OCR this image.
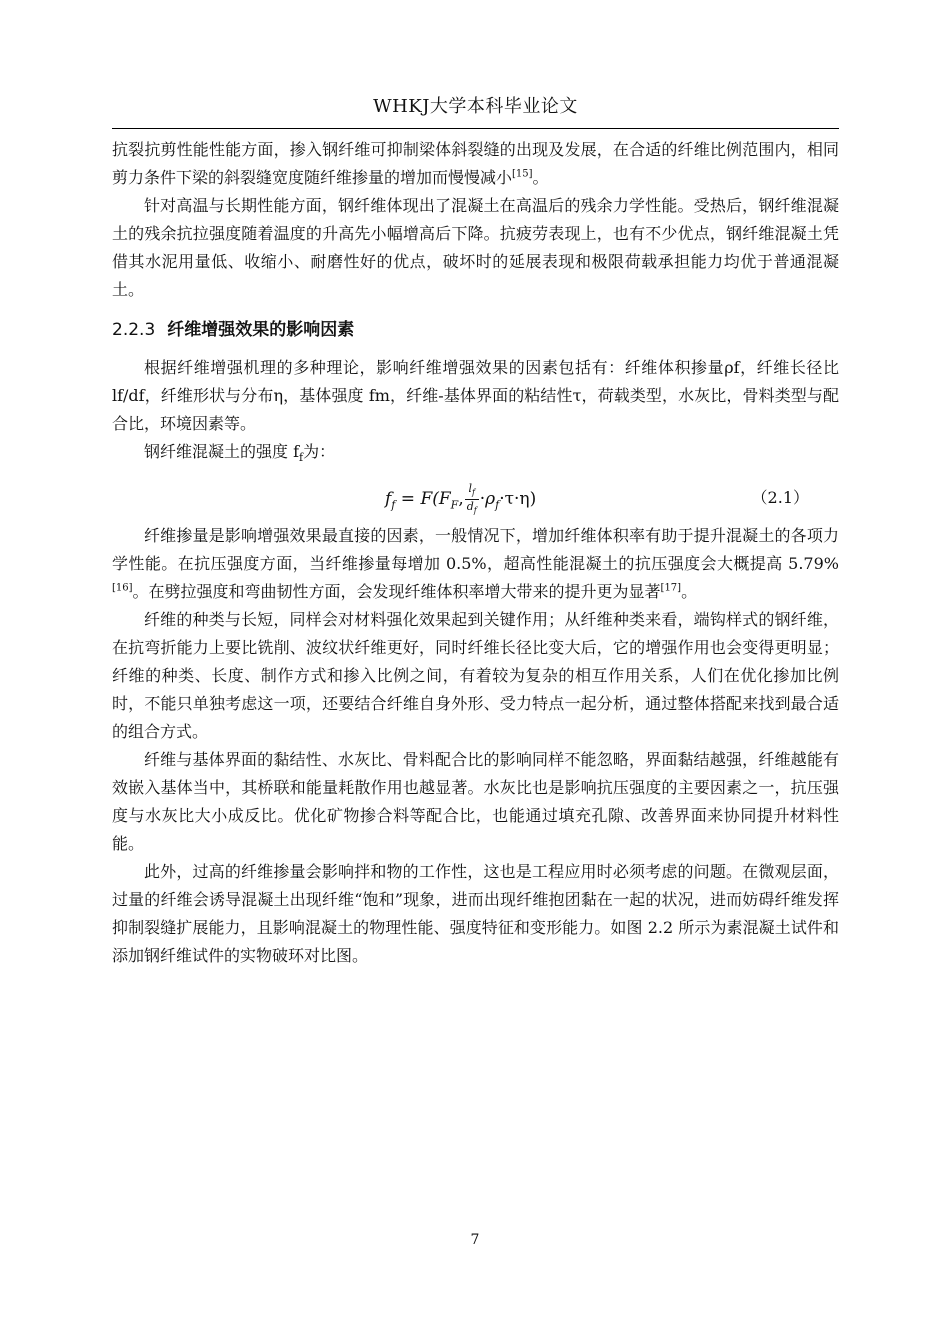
WHKJ大学本科毕业论文

抗裂抗剪性能性能方面，掺入钢纤维可抑制梁体斜裂缝的出现及发展，在合适的纤维比例范围内，相同剪力条件下梁的斜裂缝宽度随纤维掺量的增加而慢慢减小[15]。

针对高温与长期性能方面，钢纤维体现出了混凝土在高温后的残余力学性能。受热后，钢纤维混凝土的残余抗拉强度随着温度的升高先小幅增高后下降。抗疲劳表现上，也有不少优点，钢纤维混凝土凭借其水泥用量低、收缩小、耐磨性好的优点，破坏时的延展表现和极限荷载承担能力均优于普通混凝土。

2.2.3 纤维增强效果的影响因素

根据纤维增强机理的多种理论，影响纤维增强效果的因素包括有：纤维体积掺量ρf，纤维长径比 lf/df，纤维形状与分布η，基体强度 fm，纤维-基体界面的粘结性τ，荷载类型，水灰比，骨料类型与配合比，环境因素等。

钢纤维混凝土的强度 $f_f$为：

$f_f = F(F_F$, $\frac{l_f}{d_f} \cdot\rho_f\cdot\tau\cdot\eta$)	（2.1）

纤维掺量是影响增强效果最直接的因素，一般情况下，增加纤维体积率有助于提升混凝土的各项力学性能。在抗压强度方面，当纤维掺量每增加 0.5%，超高性能混凝土的抗压强度会大概提高 5.79%[16]。在劈拉强度和弯曲韧性方面，会发现纤维体积率增大带来的提升更为显著[17]。

纤维的种类与长短，同样会对材料强化效果起到关键作用；从纤维种类来看，端钩样式的钢纤维，在抗弯折能力上要比铣削、波纹状纤维更好，同时纤维长径比变大后，它的增强作用也会变得更明显；纤维的种类、长度、制作方式和掺入比例之间，有着较为复杂的相互作用关系，人们在优化掺加比例时，不能只单独考虑这一项，还要结合纤维自身外形、受力特点一起分析，通过整体搭配来找到最合适的组合方式。

纤维与基体界面的黏结性、水灰比、骨料配合比的影响同样不能忽略，界面黏结越强，纤维越能有效嵌入基体当中，其桥联和能量耗散作用也越显著。水灰比也是影响抗压强度的主要因素之一，抗压强度与水灰比大小成反比。优化矿物掺合料等配合比，也能通过填充孔隙、改善界面来协同提升材料性能。

此外，过高的纤维掺量会影响拌和物的工作性，这也是工程应用时必须考虑的问题。在微观层面，过量的纤维会诱导混凝土出现纤维“饱和”现象，进而出现纤维抱团黏在一起的状况，进而妨碍纤维发挥抑制裂缝扩展能力，且影响混凝土的物理性能、强度特征和变形能力。如图 2.2 所示为素混凝土试件和添加钢纤维试件的实物破环对比图。

7
